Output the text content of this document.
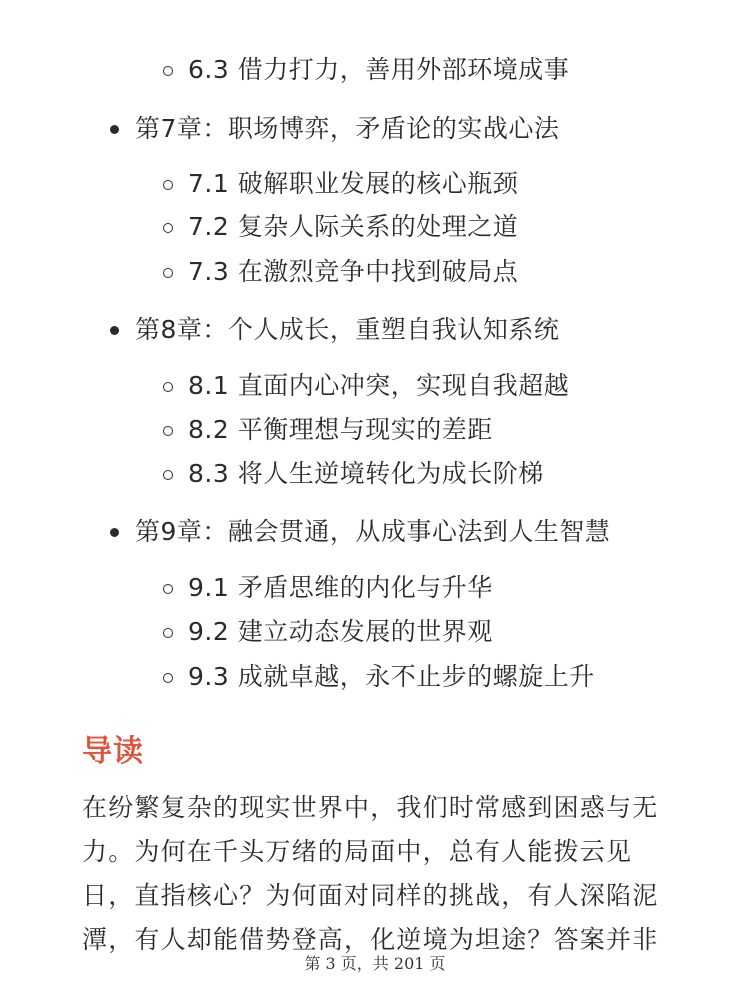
6.3 借力打力，善用外部环境成事
第7章：职场博弈，矛盾论的实战心法
7.1 破解职业发展的核心瓶颈
7.2 复杂人际关系的处理之道
7.3 在激烈竞争中找到破局点
第8章：个人成长，重塑自我认知系统
8.1 直面内心冲突，实现自我超越
8.2 平衡理想与现实的差距
8.3 将人生逆境转化为成长阶梯
第9章：融会贯通，从成事心法到人生智慧
9.1 矛盾思维的内化与升华
9.2 建立动态发展的世界观
9.3 成就卓越，永不止步的螺旋上升
导读
在纷繁复杂的现实世界中，我们时常感到困惑与无
力。为何在千头万绪的局面中，总有人能拨云见
日，直指核心？为何面对同样的挑战，有人深陷泥
潭，有人却能借势登高，化逆境为坦途？答案并非
第 3 页，共 201 页
